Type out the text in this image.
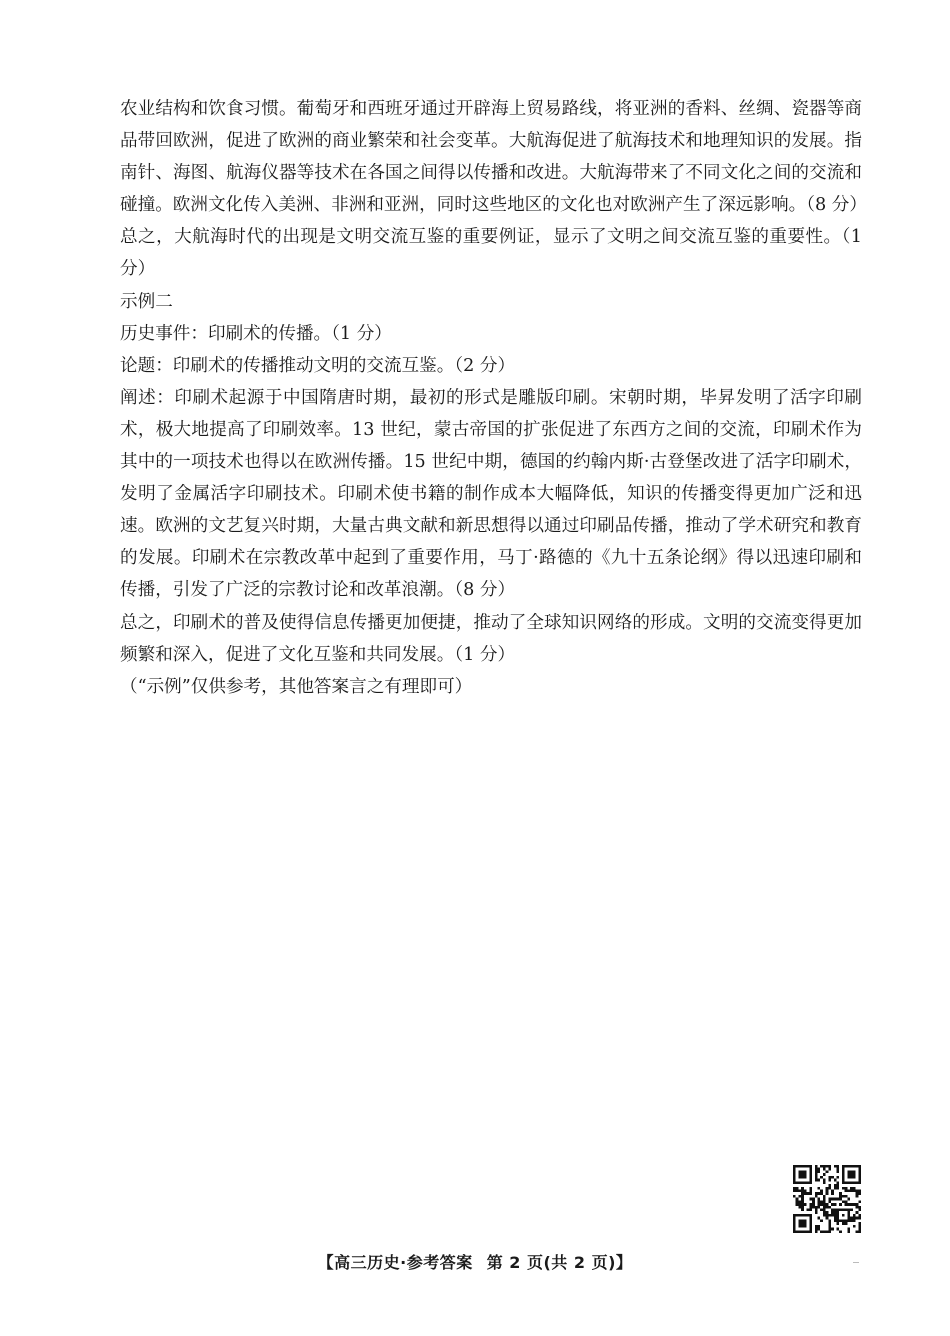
农业结构和饮食习惯。葡萄牙和西班牙通过开辟海上贸易路线，将亚洲的香料、丝绸、瓷器等商品带回欧洲，促进了欧洲的商业繁荣和社会变革。大航海促进了航海技术和地理知识的发展。指南针、海图、航海仪器等技术在各国之间得以传播和改进。大航海带来了不同文化之间的交流和碰撞。欧洲文化传入美洲、非洲和亚洲，同时这些地区的文化也对欧洲产生了深远影响。（8 分）

总之，大航海时代的出现是文明交流互鉴的重要例证，显示了文明之间交流互鉴的重要性。（1 分）

示例二

历史事件：印刷术的传播。（1 分）

论题：印刷术的传播推动文明的交流互鉴。（2 分）

阐述：印刷术起源于中国隋唐时期，最初的形式是雕版印刷。宋朝时期，毕昇发明了活字印刷术，极大地提高了印刷效率。13 世纪，蒙古帝国的扩张促进了东西方之间的交流，印刷术作为其中的一项技术也得以在欧洲传播。15 世纪中期，德国的约翰内斯·古登堡改进了活字印刷术，发明了金属活字印刷技术。印刷术使书籍的制作成本大幅降低，知识的传播变得更加广泛和迅速。欧洲的文艺复兴时期，大量古典文献和新思想得以通过印刷品传播，推动了学术研究和教育的发展。印刷术在宗教改革中起到了重要作用，马丁·路德的《九十五条论纲》得以迅速印刷和传播，引发了广泛的宗教讨论和改革浪潮。（8 分）

总之，印刷术的普及使得信息传播更加便捷，推动了全球知识网络的形成。文明的交流变得更加频繁和深入，促进了文化互鉴和共同发展。（1 分）

（“示例”仅供参考，其他答案言之有理即可）

【高三历史·参考答案 第 2 页(共 2 页)】
